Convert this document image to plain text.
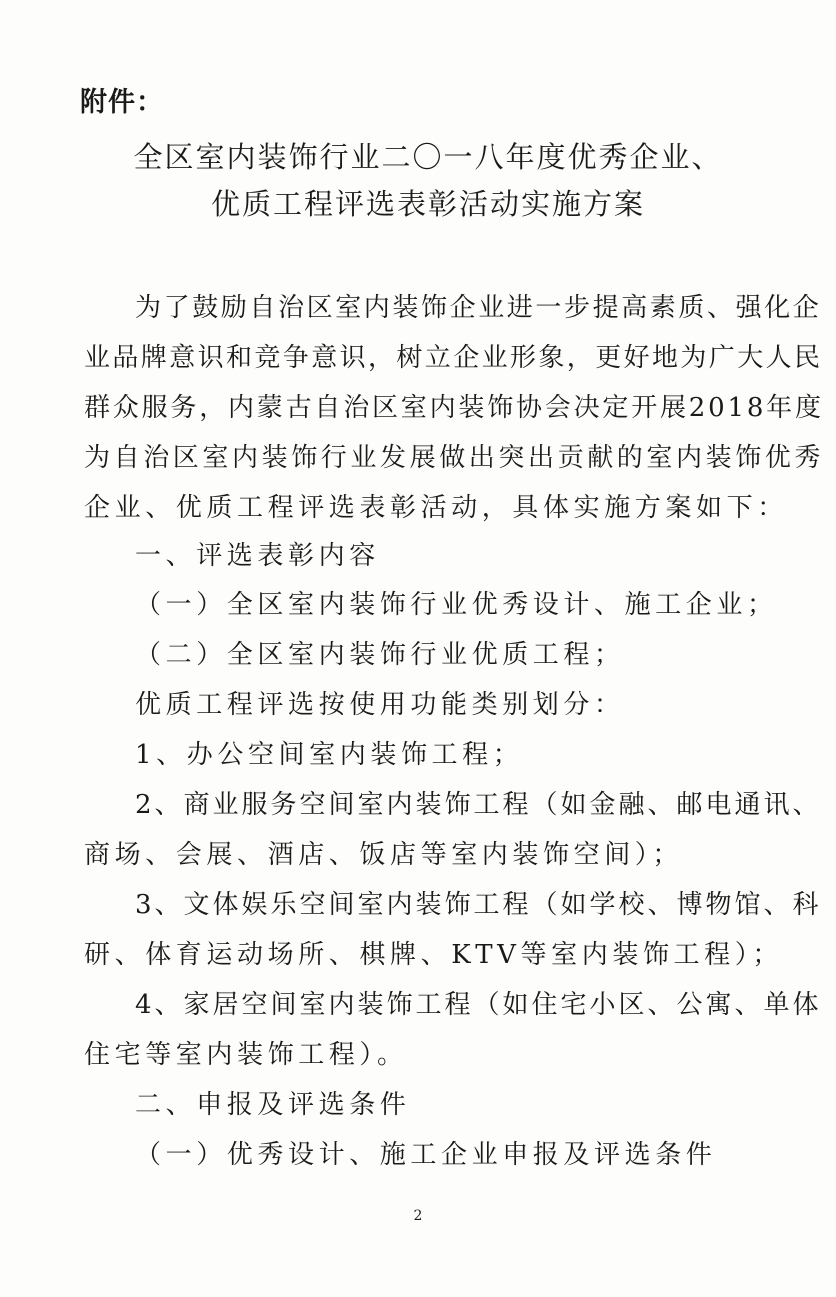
附件：
全区室内装饰行业二〇一八年度优秀企业、
优质工程评选表彰活动实施方案
为了鼓励自治区室内装饰企业进一步提高素质、强化企
业品牌意识和竞争意识，树立企业形象，更好地为广大人民
群众服务，内蒙古自治区室内装饰协会决定开展2018年度
为自治区室内装饰行业发展做出突出贡献的室内装饰优秀
企业、优质工程评选表彰活动，具体实施方案如下：
一、评选表彰内容
（一）全区室内装饰行业优秀设计、施工企业；
（二）全区室内装饰行业优质工程；
优质工程评选按使用功能类别划分：
1、办公空间室内装饰工程；
2、商业服务空间室内装饰工程（如金融、邮电通讯、
商场、会展、酒店、饭店等室内装饰空间）；
3、文体娱乐空间室内装饰工程（如学校、博物馆、科
研、体育运动场所、棋牌、KTV等室内装饰工程）；
4、家居空间室内装饰工程（如住宅小区、公寓、单体
住宅等室内装饰工程）。
二、申报及评选条件
（一）优秀设计、施工企业申报及评选条件
2
